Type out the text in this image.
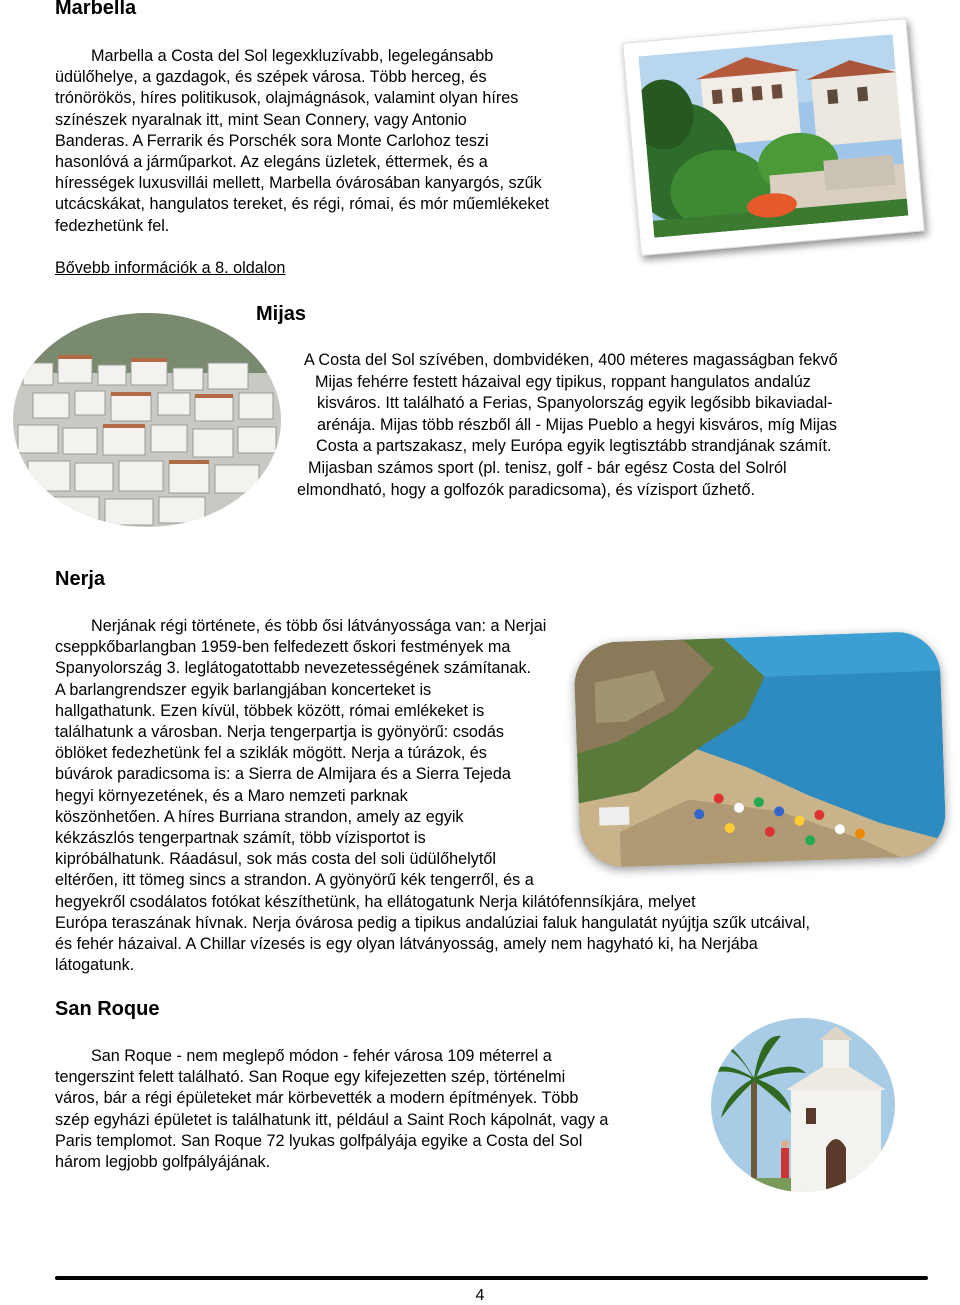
Marbella
Marbella a Costa del Sol legexkluzívabb, legelegánsabb
üdülőhelye, a gazdagok, és szépek városa. Több herceg, és
trónörökös, híres politikusok, olajmágnások, valamint olyan híres
színészek nyaralnak itt, mint Sean Connery, vagy Antonio
Banderas. A Ferrarik és Porschék sora Monte Carlohoz teszi
hasonlóvá a járműparkot. Az elegáns üzletek, éttermek, és a
hírességek luxusvillái mellett, Marbella óvárosában kanyargós, szűk
utcácskákat, hangulatos tereket, és régi, római, és mór műemlékeket
fedezhetünk fel.
Bővebb információk a 8. oldalon
Mijas
A Costa del Sol szívében, dombvidéken, 400 méteres magasságban fekvő
Mijas fehérre festett házaival egy tipikus, roppant hangulatos andalúz
kisváros. Itt található a Ferias, Spanyolország egyik legősibb bikaviadal-
arénája. Mijas több részből áll - Mijas Pueblo a hegyi kisváros, míg Mijas
Costa a partszakasz, mely Európa egyik legtisztább strandjának számít.
Mijasban számos sport (pl. tenisz, golf - bár egész Costa del Solról
elmondható, hogy a golfozók paradicsoma), és vízisport űzhető.
Nerja
Nerjának régi története, és több ősi látványossága van: a Nerjai
cseppkőbarlangban 1959-ben felfedezett őskori festmények ma
Spanyolország 3. leglátogatottabb nevezetességének számítanak.
A barlangrendszer egyik barlangjában koncerteket is
hallgathatunk. Ezen kívül, többek között, római emlékeket is
találhatunk a városban. Nerja tengerpartja is gyönyörű: csodás
öblöket fedezhetünk fel a sziklák mögött. Nerja a túrázok, és
búvárok paradicsoma is: a Sierra de Almijara és a Sierra Tejeda
hegyi környezetének, és a Maro nemzeti parknak
köszönhetően. A híres Burriana strandon, amely az egyik
kékzászlós tengerpartnak számít, több vízisportot is
kipróbálhatunk. Ráadásul, sok más costa del soli üdülőhelytől
eltérően, itt tömeg sincs a strandon. A gyönyörű kék tengerről, és a
hegyekről csodálatos fotókat készíthetünk, ha ellátogatunk Nerja kilátófennsíkjára, melyet
Európa teraszának hívnak. Nerja óvárosa pedig a tipikus andalúziai faluk hangulatát nyújtja szűk utcáival,
és fehér házaival. A Chillar vízesés is egy olyan látványosság, amely nem hagyható ki, ha Nerjába
látogatunk.
San Roque
San Roque - nem meglepő módon - fehér városa 109 méterrel a
tengerszint felett található. San Roque egy kifejezetten szép, történelmi
város, bár a régi épületeket már körbevették a modern építmények. Több
szép egyházi épületet is találhatunk itt, például a Saint Roch kápolnát, vagy a
Paris templomot. San Roque 72 lyukas golfpályája egyike a Costa del Sol
három legjobb golfpályájának.
4
